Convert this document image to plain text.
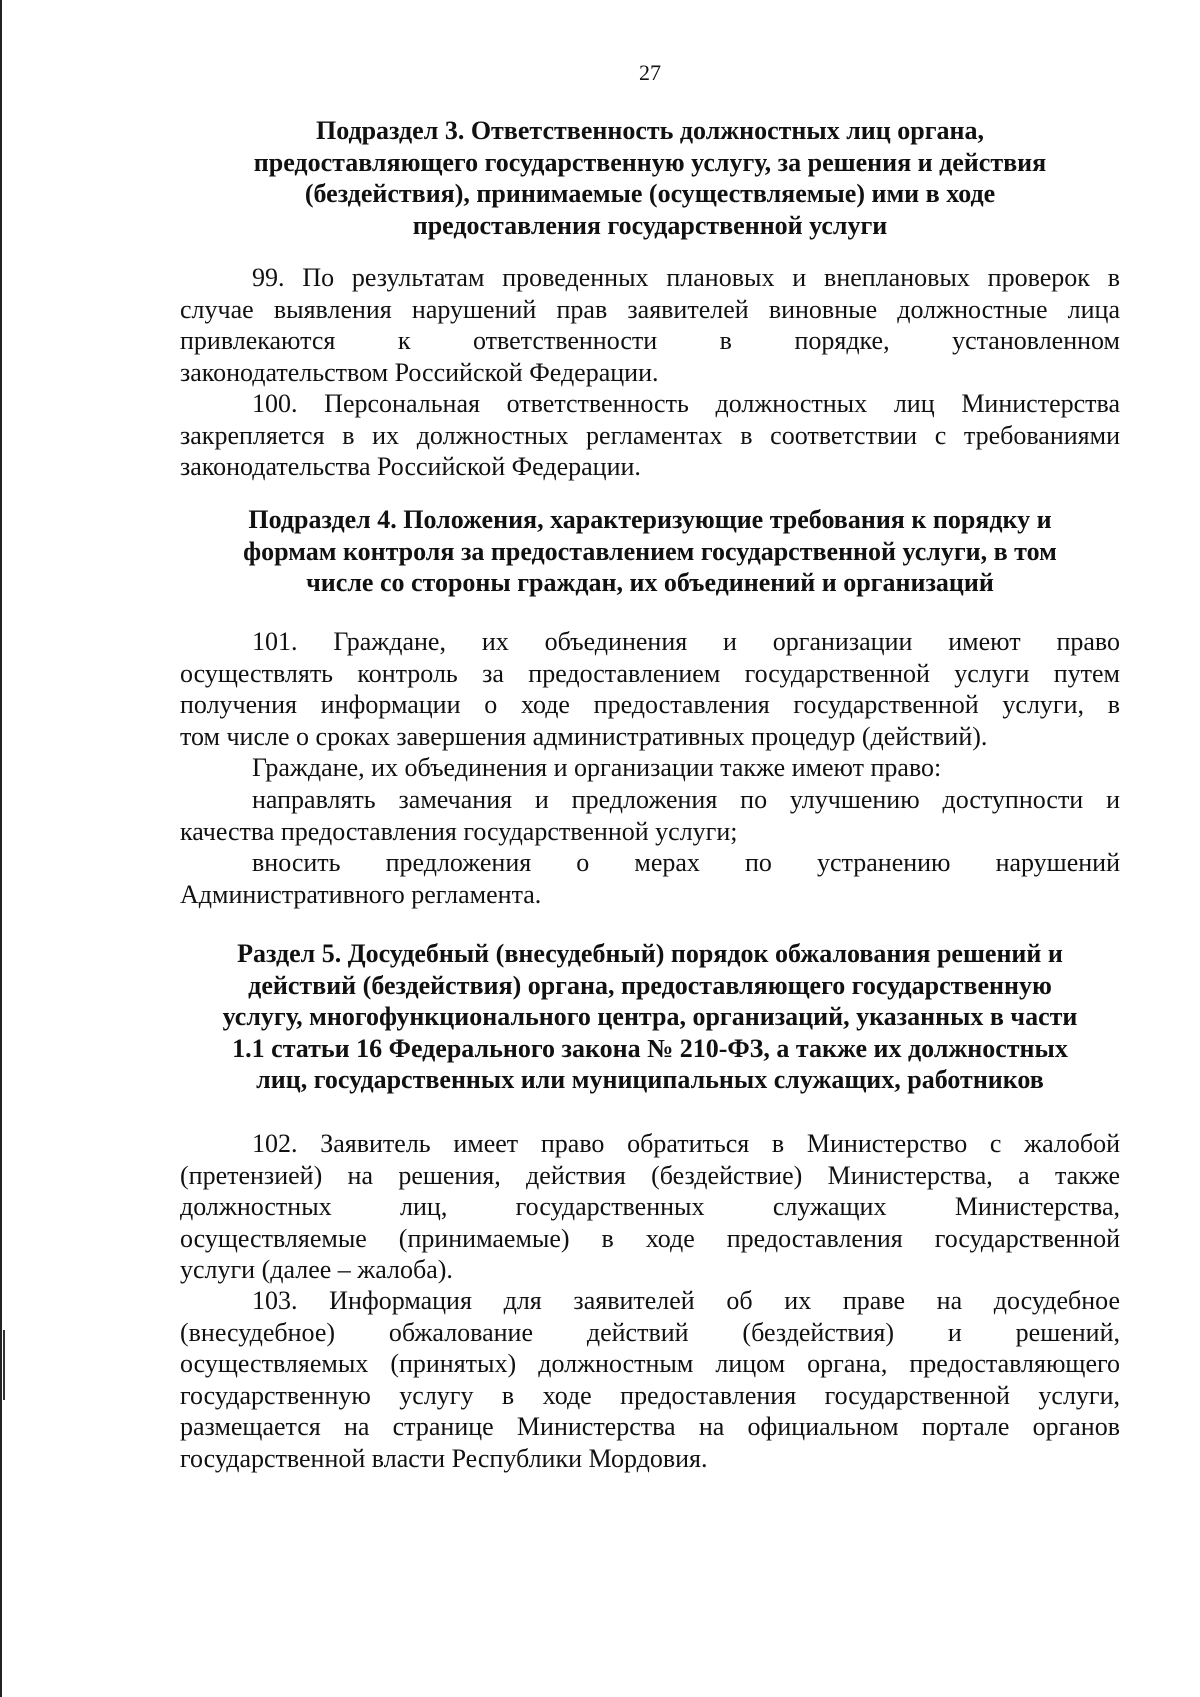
27
Подраздел 3. Ответственность должностных лиц органа,
предоставляющего государственную услугу, за решения и действия
(бездействия), принимаемые (осуществляемые) ими в ходе
предоставления государственной услуги
99. По результатам проведенных плановых и внеплановых проверок в
случае выявления нарушений прав заявителей виновные должностные лица
привлекаются к ответственности в порядке, установленном
законодательством Российской Федерации.
100. Персональная ответственность должностных лиц Министерства
закрепляется в их должностных регламентах в соответствии с требованиями
законодательства Российской Федерации.
Подраздел 4. Положения, характеризующие требования к порядку и
формам контроля за предоставлением государственной услуги, в том
числе со стороны граждан, их объединений и организаций
101. Граждане, их объединения и организации имеют право
осуществлять контроль за предоставлением государственной услуги путем
получения информации о ходе предоставления государственной услуги, в
том числе о сроках завершения административных процедур (действий).
Граждане, их объединения и организации также имеют право:
направлять замечания и предложения по улучшению доступности и
качества предоставления государственной услуги;
вносить предложения о мерах по устранению нарушений
Административного регламента.
Раздел 5. Досудебный (внесудебный) порядок обжалования решений и
действий (бездействия) органа, предоставляющего государственную
услугу, многофункционального центра, организаций, указанных в части
1.1 статьи 16 Федерального закона № 210-ФЗ, а также их должностных
лиц, государственных или муниципальных служащих, работников
102. Заявитель имеет право обратиться в Министерство с жалобой
(претензией) на решения, действия (бездействие) Министерства, а также
должностных лиц, государственных служащих Министерства,
осуществляемые (принимаемые) в ходе предоставления государственной
услуги (далее – жалоба).
103. Информация для заявителей об их праве на досудебное
(внесудебное) обжалование действий (бездействия) и решений,
осуществляемых (принятых) должностным лицом органа, предоставляющего
государственную услугу в ходе предоставления государственной услуги,
размещается на странице Министерства на официальном портале органов
государственной власти Республики Мордовия.
